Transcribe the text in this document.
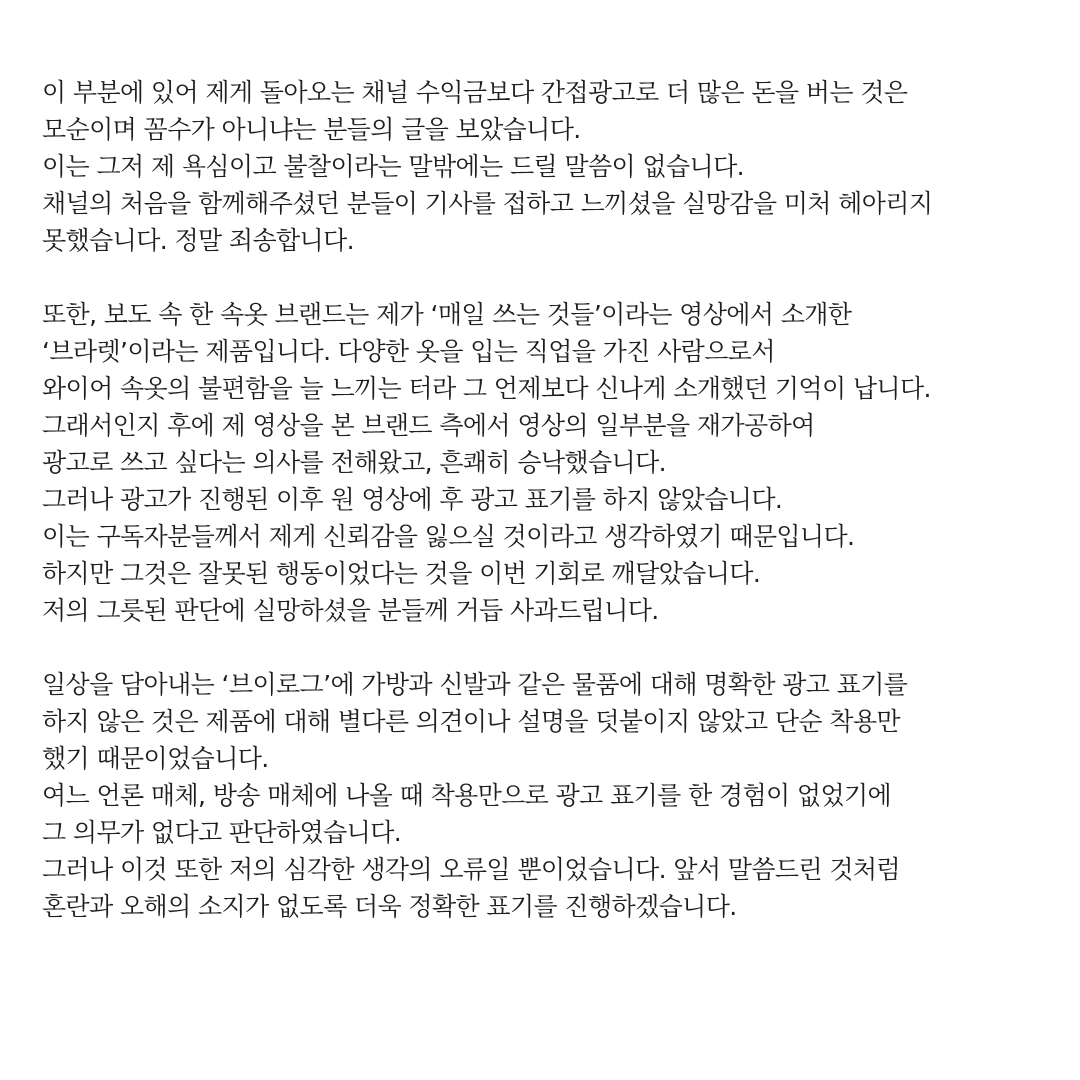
이 부분에 있어 제게 돌아오는 채널 수익금보다 간접광고로 더 많은 돈을 버는 것은
모순이며 꼼수가 아니냐는 분들의 글을 보았습니다.
이는 그저 제 욕심이고 불찰이라는 말밖에는 드릴 말씀이 없습니다.
채널의 처음을 함께해주셨던 분들이 기사를 접하고 느끼셨을 실망감을 미처 헤아리지
못했습니다. 정말 죄송합니다.
또한, 보도 속 한 속옷 브랜드는 제가 ‘매일 쓰는 것들’이라는 영상에서 소개한
‘브라렛’이라는 제품입니다. 다양한 옷을 입는 직업을 가진 사람으로서
와이어 속옷의 불편함을 늘 느끼는 터라 그 언제보다 신나게 소개했던 기억이 납니다.
그래서인지 후에 제 영상을 본 브랜드 측에서 영상의 일부분을 재가공하여
광고로 쓰고 싶다는 의사를 전해왔고, 흔쾌히 승낙했습니다.
그러나 광고가 진행된 이후 원 영상에 후 광고 표기를 하지 않았습니다.
이는 구독자분들께서 제게 신뢰감을 잃으실 것이라고 생각하였기 때문입니다.
하지만 그것은 잘못된 행동이었다는 것을 이번 기회로 깨달았습니다.
저의 그릇된 판단에 실망하셨을 분들께 거듭 사과드립니다.
일상을 담아내는 ‘브이로그’에 가방과 신발과 같은 물품에 대해 명확한 광고 표기를
하지 않은 것은 제품에 대해 별다른 의견이나 설명을 덧붙이지 않았고 단순 착용만
했기 때문이었습니다.
여느 언론 매체, 방송 매체에 나올 때 착용만으로 광고 표기를 한 경험이 없었기에
그 의무가 없다고 판단하였습니다.
그러나 이것 또한 저의 심각한 생각의 오류일 뿐이었습니다. 앞서 말씀드린 것처럼
혼란과 오해의 소지가 없도록 더욱 정확한 표기를 진행하겠습니다.
